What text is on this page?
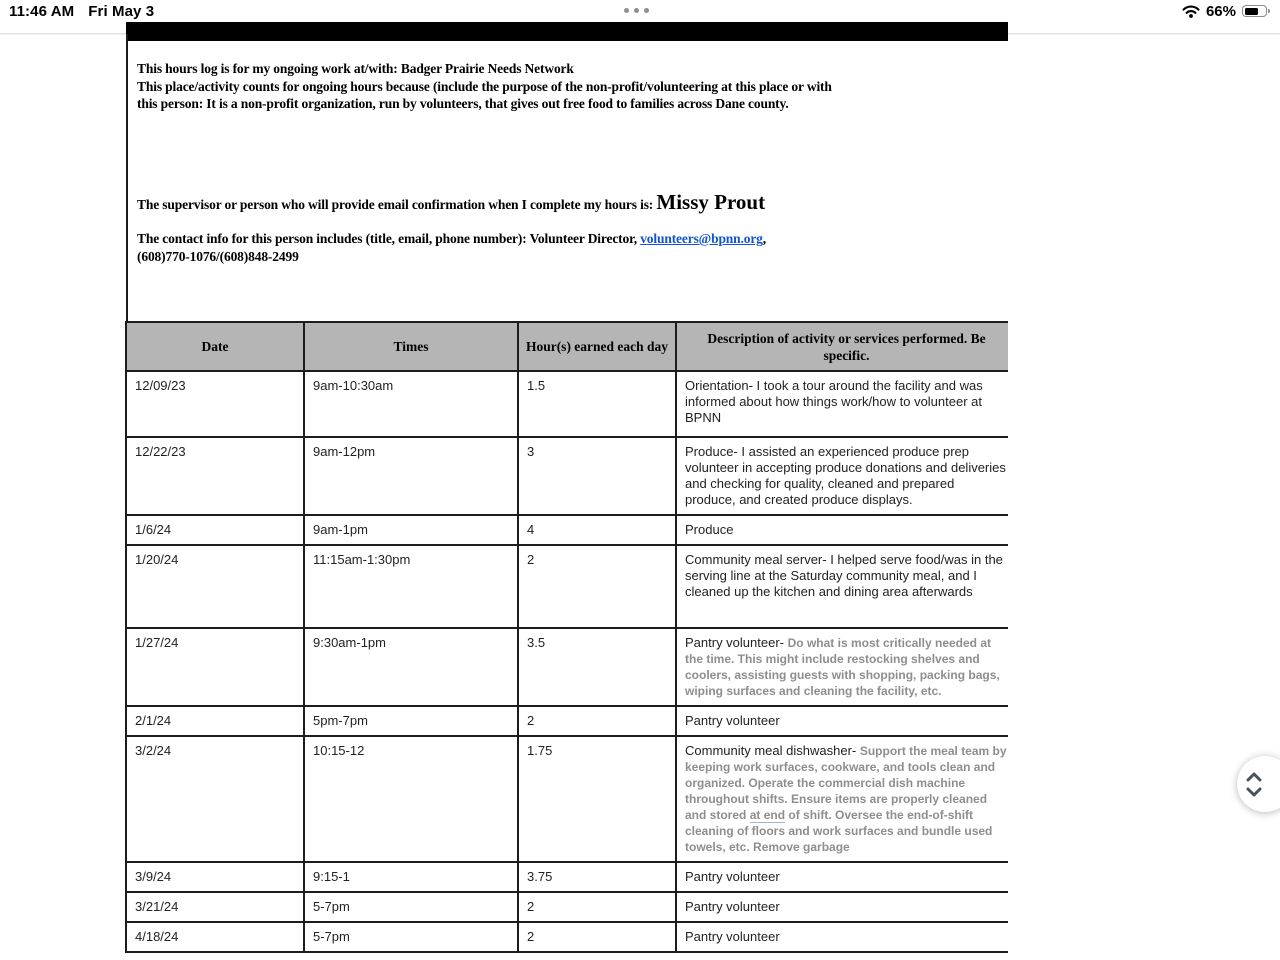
11:46 AM Fri May 3	66%
This hours log is for my ongoing work at/with: Badger Prairie Needs Network
This place/activity counts for ongoing hours because (include the purpose of the non-profit/volunteering at this place or with
this person: It is a non-profit organization, run by volunteers, that gives out free food to families across Dane county.
The supervisor or person who will provide email confirmation when I complete my hours is: Missy Prout
The contact info for this person includes (title, email, phone number): Volunteer Director, volunteers@bpnn.org,
(608)770-1076/(608)848-2499
Date	Times	Hour(s) earned each day	Description of activity or services performed. Be specific.
12/09/23	9am-10:30am	1.5	Orientation- I took a tour around the facility and was informed about how things work/how to volunteer at BPNN
12/22/23	9am-12pm	3	Produce- I assisted an experienced produce prep volunteer in accepting produce donations and deliveries and checking for quality, cleaned and prepared produce, and created produce displays.
1/6/24	9am-1pm	4	Produce
1/20/24	11:15am-1:30pm	2	Community meal server- I helped serve food/was in the serving line at the Saturday community meal, and I cleaned up the kitchen and dining area afterwards
1/27/24	9:30am-1pm	3.5	Pantry volunteer- Do what is most critically needed at the time. This might include restocking shelves and coolers, assisting guests with shopping, packing bags, wiping surfaces and cleaning the facility, etc.
2/1/24	5pm-7pm	2	Pantry volunteer
3/2/24	10:15-12	1.75	Community meal dishwasher- Support the meal team by keeping work surfaces, cookware, and tools clean and organized. Operate the commercial dish machine throughout shifts. Ensure items are properly cleaned and stored at end of shift. Oversee the end-of-shift cleaning of floors and work surfaces and bundle used towels, etc. Remove garbage
3/9/24	9:15-1	3.75	Pantry volunteer
3/21/24	5-7pm	2	Pantry volunteer
4/18/24	5-7pm	2	Pantry volunteer
